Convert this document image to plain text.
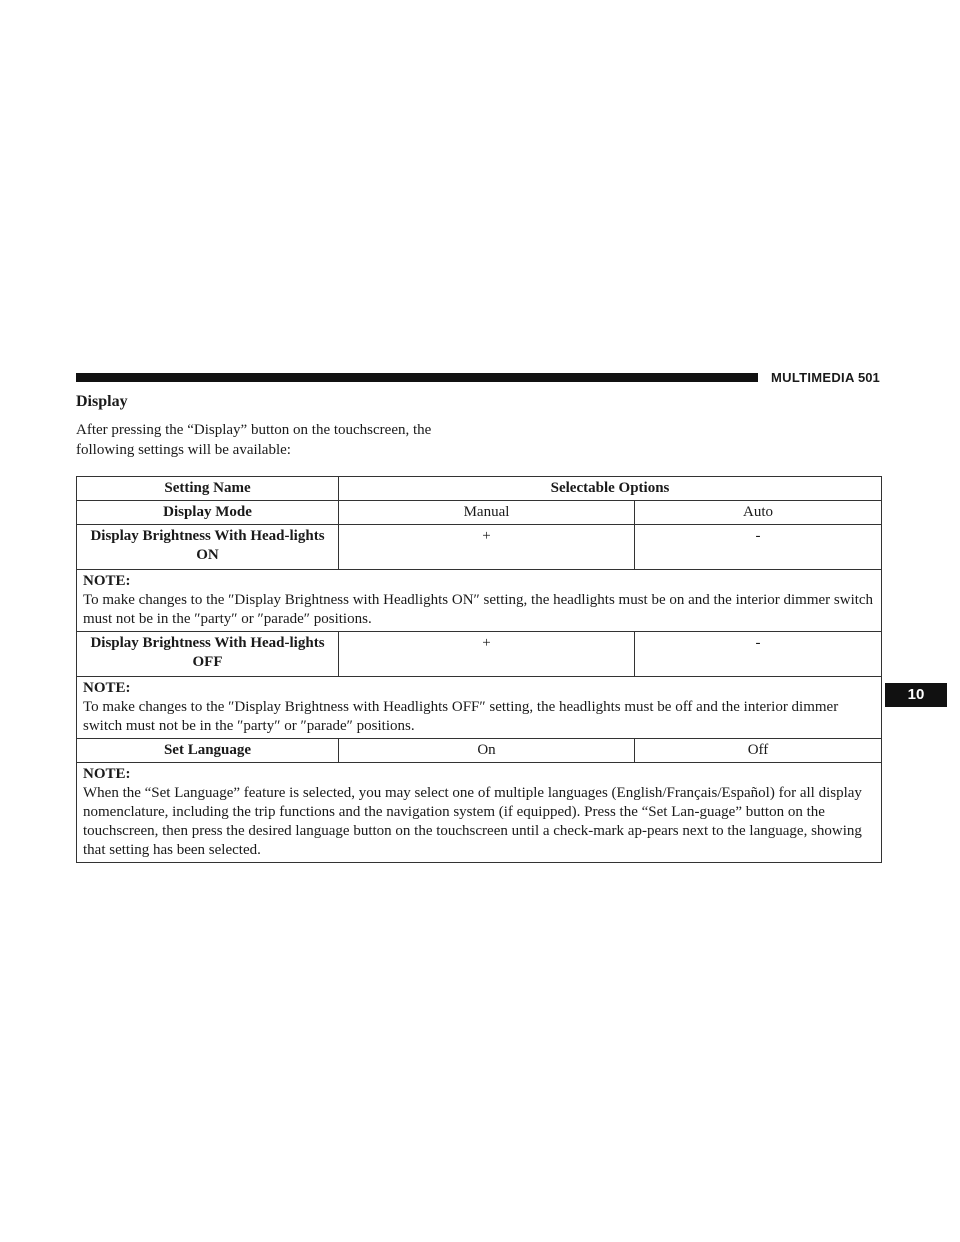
MULTIMEDIA 501
10
Display
After pressing the “Display” button on the touchscreen, the following settings will be available:
Setting Name	Selectable Options	
Display Mode	Manual	Auto
Display Brightness With Head-lights ON	+	-

NOTE:
To make changes to the ″Display Brightness with Headlights ON″ setting, the headlights must be on and the interior dimmer switch must not be in the ″party″ or ″parade″ positions.		

Display Brightness With Head-lights OFF	+	-

NOTE:
To make changes to the ″Display Brightness with Headlights OFF″ setting, the headlights must be off and the interior dimmer switch must not be in the ″party″ or ″parade″ positions.		

Set Language	On	Off

NOTE:
When the “Set Language” feature is selected, you may select one of multiple languages (English/Français/Español) for all display nomenclature, including the trip functions and the navigation system (if equipped). Press the “Set Lan-guage” button on the touchscreen, then press the desired language button on the touchscreen until a check-mark ap-pears next to the language, showing that setting has been selected.		
